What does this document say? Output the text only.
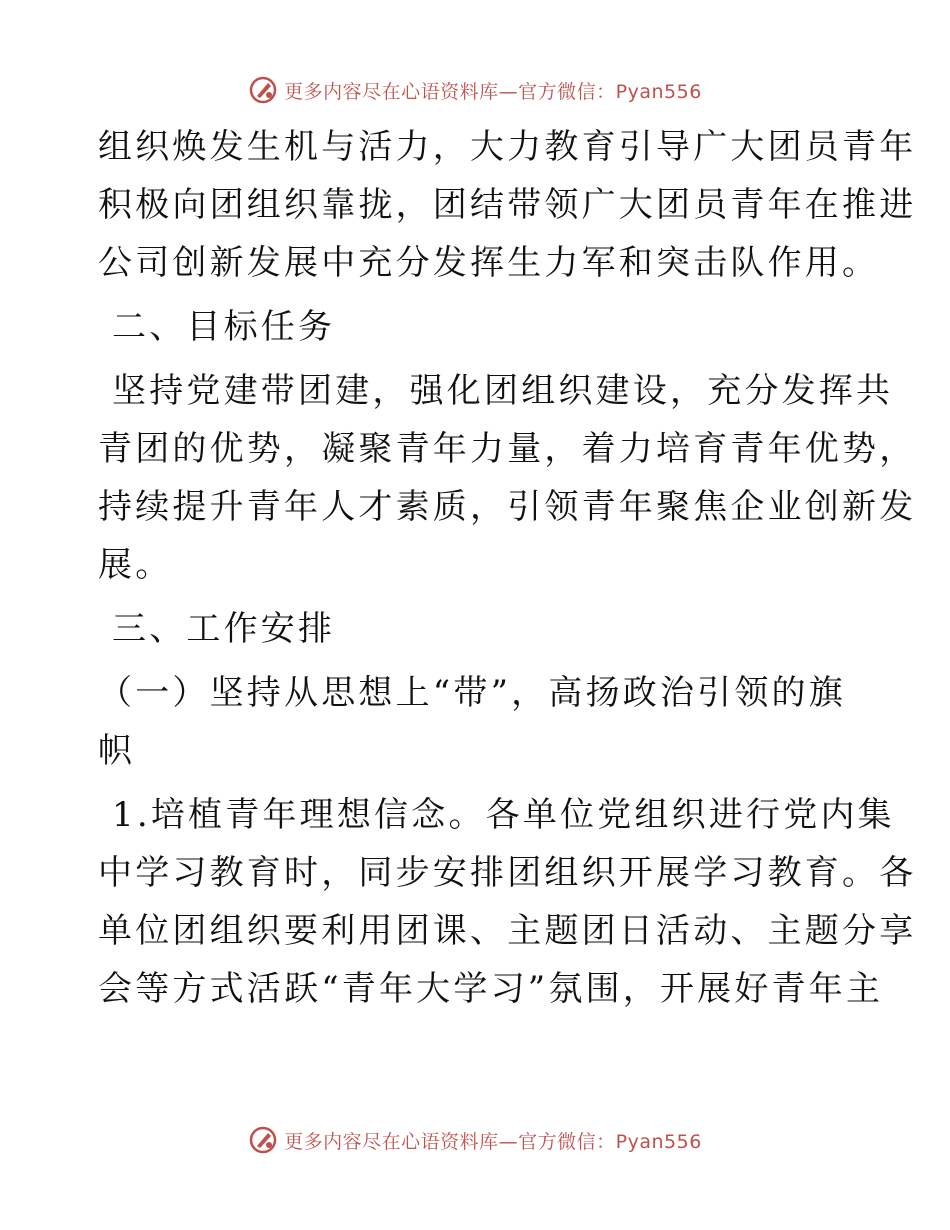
更多内容尽在心语资料库—官方微信：Pyan556

组织焕发生机与活力，大力教育引导广大团员青年

积极向团组织靠拢，团结带领广大团员青年在推进

公司创新发展中充分发挥生力军和突击队作用。

二、目标任务

坚持党建带团建，强化团组织建设，充分发挥共

青团的优势，凝聚青年力量，着力培育青年优势，

持续提升青年人才素质，引领青年聚焦企业创新发

展。

三、工作安排

（一）坚持从思想上“带”，高扬政治引领的旗

帜

1.培植青年理想信念。各单位党组织进行党内集

中学习教育时，同步安排团组织开展学习教育。各

单位团组织要利用团课、主题团日活动、主题分享

会等方式活跃“青年大学习”氛围，开展好青年主

更多内容尽在心语资料库—官方微信：Pyan556
